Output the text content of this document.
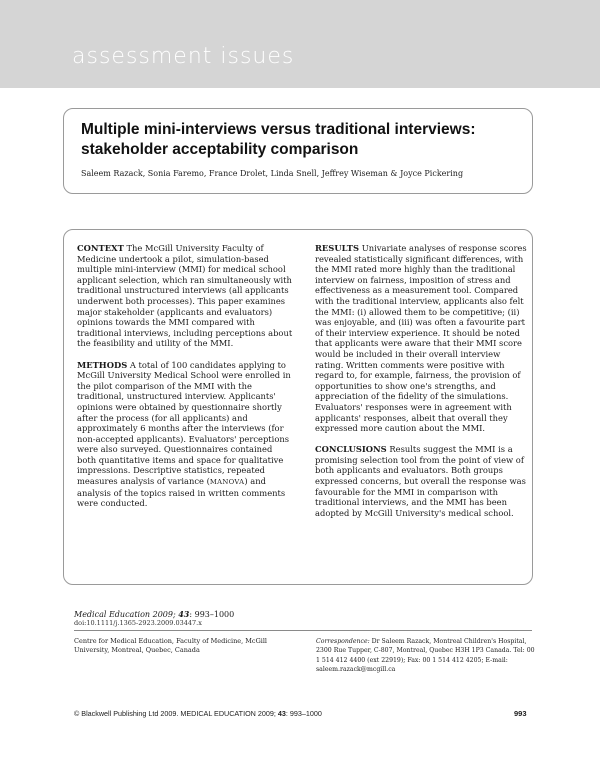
assessment issues
Multiple mini-interviews versus traditional interviews: stakeholder acceptability comparison
Saleem Razack, Sonia Faremo, France Drolet, Linda Snell, Jeffrey Wiseman & Joyce Pickering

CONTEXT The McGill University Faculty of Medicine undertook a pilot, simulation-based multiple mini-interview (MMI) for medical school applicant selection, which ran simultaneously with traditional unstructured interviews (all applicants underwent both processes). This paper examines major stakeholder (applicants and evaluators) opinions towards the MMI compared with traditional interviews, including perceptions about the feasibility and utility of the MMI.

METHODS A total of 100 candidates applying to McGill University Medical School were enrolled in the pilot comparison of the MMI with the traditional, unstructured interview. Applicants' opinions were obtained by questionnaire shortly after the process (for all applicants) and approximately 6 months after the interviews (for non-accepted applicants). Evaluators' perceptions were also surveyed. Questionnaires contained both quantitative items and space for qualitative impressions. Descriptive statistics, repeated measures analysis of variance (MANOVA) and analysis of the topics raised in written comments were conducted.

RESULTS Univariate analyses of response scores revealed statistically significant differences, with the MMI rated more highly than the traditional interview on fairness, imposition of stress and effectiveness as a measurement tool. Compared with the traditional interview, applicants also felt the MMI: (i) allowed them to be competitive; (ii) was enjoyable, and (iii) was often a favourite part of their interview experience. It should be noted that applicants were aware that their MMI score would be included in their overall interview rating. Written comments were positive with regard to, for example, fairness, the provision of opportunities to show one's strengths, and appreciation of the fidelity of the simulations. Evaluators' responses were in agreement with applicants' responses, albeit that overall they expressed more caution about the MMI.

CONCLUSIONS Results suggest the MMI is a promising selection tool from the point of view of both applicants and evaluators. Both groups expressed concerns, but overall the response was favourable for the MMI in comparison with traditional interviews, and the MMI has been adopted by McGill University's medical school.

Medical Education 2009; 43: 993–1000
doi:10.1111/j.1365-2923.2009.03447.x
Centre for Medical Education, Faculty of Medicine, McGill University, Montreal, Quebec, Canada
Correspondence: Dr Saleem Razack, Montreal Children's Hospital, 2300 Rue Tupper, C-807, Montreal, Quebec H3H 1P3 Canada. Tel: 00 1 514 412 4400 (ext 22919); Fax: 00 1 514 412 4205; E-mail: saleem.razack@mcgill.ca
© Blackwell Publishing Ltd 2009. MEDICAL EDUCATION 2009; 43: 993–1000	993
